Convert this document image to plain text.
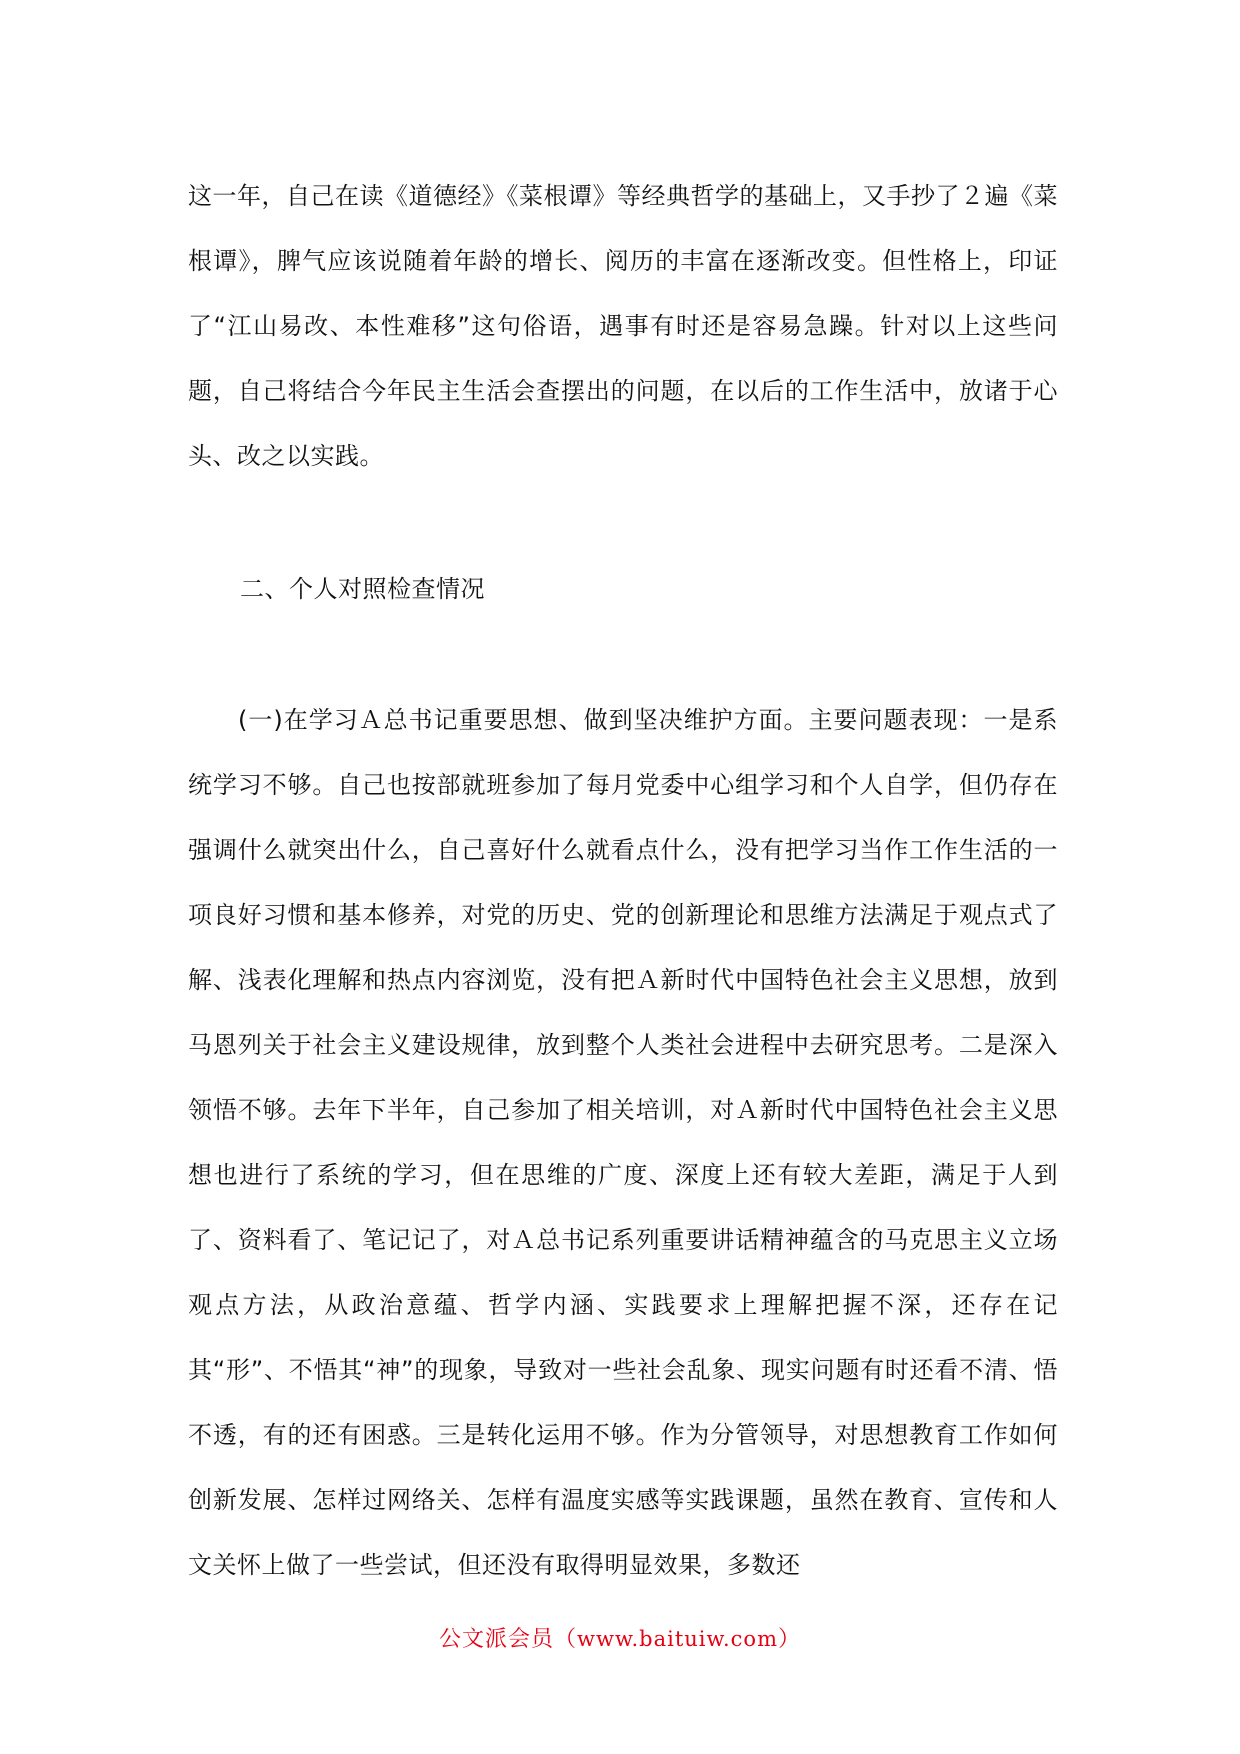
这一年，自己在读《道德经》《菜根谭》等经典哲学的基础上，又手抄了２遍《菜根谭》，脾气应该说随着年龄的增长、阅历的丰富在逐渐改变。但性格上，印证了“江山易改、本性难移”这句俗语，遇事有时还是容易急躁。针对以上这些问题，自己将结合今年民主生活会查摆出的问题，在以后的工作生活中，放诸于心头、改之以实践。

二、个人对照检查情况

(一)在学习Ａ总书记重要思想、做到坚决维护方面。主要问题表现：一是系统学习不够。自己也按部就班参加了每月党委中心组学习和个人自学，但仍存在强调什么就突出什么，自己喜好什么就看点什么，没有把学习当作工作生活的一项良好习惯和基本修养，对党的历史、党的创新理论和思维方法满足于观点式了解、浅表化理解和热点内容浏览，没有把Ａ新时代中国特色社会主义思想，放到马恩列关于社会主义建设规律，放到整个人类社会进程中去研究思考。二是深入领悟不够。去年下半年，自己参加了相关培训，对Ａ新时代中国特色社会主义思想也进行了系统的学习，但在思维的广度、深度上还有较大差距，满足于人到了、资料看了、笔记记了，对Ａ总书记系列重要讲话精神蕴含的马克思主义立场观点方法，从政治意蕴、哲学内涵、实践要求上理解把握不深，还存在记其“形”、不悟其“神”的现象，导致对一些社会乱象、现实问题有时还看不清、悟不透，有的还有困惑。三是转化运用不够。作为分管领导，对思想教育工作如何创新发展、怎样过网络关、怎样有温度实感等实践课题，虽然在教育、宣传和人文关怀上做了一些尝试，但还没有取得明显效果，多数还

公文派会员（www.baituiw.com）
